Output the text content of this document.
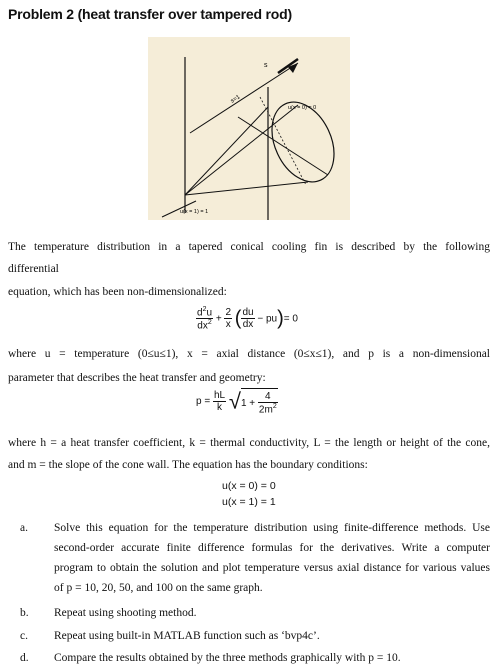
Problem 2 (heat transfer over tampered rod)
s
s=1
u(x = 0) = 0
u(x = 1) = 1
The temperature distribution in a tapered conical cooling fin is described by the following
differential
equation, which has been non-dimensionalized:
$\frac{d^2u}{dx^2} + \frac{2}{x}$ ( $\frac{du}{dx} - pu)= 0$
where u = temperature (0≤u≤1), x = axial distance (0≤x≤1), and p is a non-dimensional
parameter that describes the heat transfer and geometry:
$p = \frac{hL}{k} √1 + \frac{4}{2m^2}$
where h = a heat transfer coefficient, k = thermal conductivity, L = the length or height of the cone,
and m = the slope of the cone wall. The equation has the boundary conditions:
u(x = 0) = 0
u(x = 1) = 1
a.	Solve this equation for the temperature distribution using finite-difference methods. Use
second-order accurate finite difference formulas for the derivatives. Write a computer
program to obtain the solution and plot temperature versus axial distance for various values
of p = 10, 20, 50, and 100 on the same graph.
b.	Repeat using shooting method.
c.	Repeat using built-in MATLAB function such as ‘bvp4c’.
d.	Compare the results obtained by the three methods graphically with p = 10.
